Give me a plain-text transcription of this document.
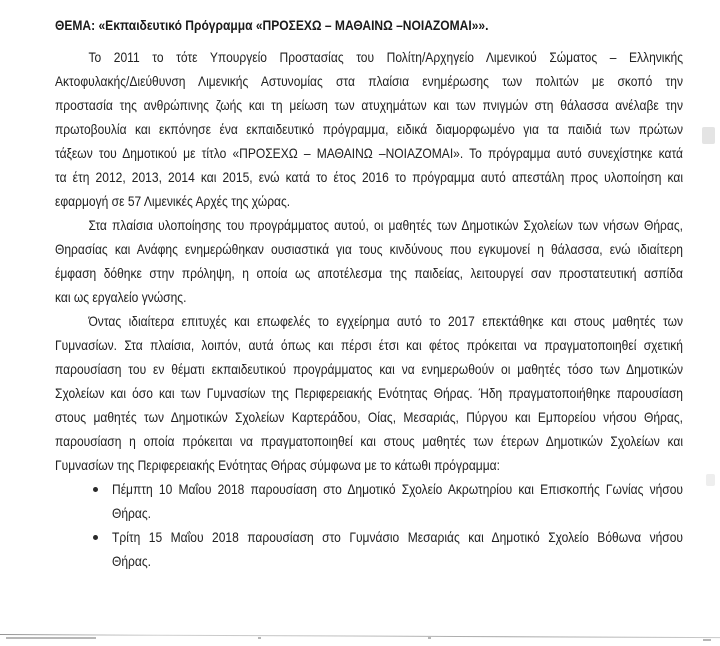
ΘΕΜΑ: «Εκπαιδευτικό Πρόγραμμα «ΠΡΟΣΕΧΩ – ΜΑΘΑΙΝΩ –ΝΟΙΑΖΟΜΑΙ»».
Το 2011 το τότε Υπουργείο Προστασίας του Πολίτη/Αρχηγείο Λιμενικού Σώματος – Ελληνικής
Ακτοφυλακής/Διεύθυνση Λιμενικής Αστυνομίας στα πλαίσια ενημέρωσης των πολιτών με σκοπό την
προστασία της ανθρώπινης ζωής και τη μείωση των ατυχημάτων και των πνιγμών στη θάλασσα ανέλαβε την
πρωτοβουλία και εκπόνησε ένα εκπαιδευτικό πρόγραμμα, ειδικά διαμορφωμένο για τα παιδιά των πρώτων
τάξεων του Δημοτικού με τίτλο «ΠΡΟΣΕΧΩ – ΜΑΘΑΙΝΩ –ΝΟΙΑΖΟΜΑΙ». Το πρόγραμμα αυτό συνεχίστηκε κατά
τα έτη 2012, 2013, 2014 και 2015, ενώ κατά το έτος 2016 το πρόγραμμα αυτό απεστάλη προς υλοποίηση και
εφαρμογή σε 57 Λιμενικές Αρχές της χώρας.
Στα πλαίσια υλοποίησης του προγράμματος αυτού, οι μαθητές των Δημοτικών Σχολείων των νήσων Θήρας,
Θηρασίας και Ανάφης ενημερώθηκαν ουσιαστικά για τους κινδύνους που εγκυμονεί η θάλασσα, ενώ ιδιαίτερη
έμφαση δόθηκε στην πρόληψη, η οποία ως αποτέλεσμα της παιδείας, λειτουργεί σαν προστατευτική ασπίδα
και ως εργαλείο γνώσης.
Όντας ιδιαίτερα επιτυχές και επωφελές το εγχείρημα αυτό το 2017 επεκτάθηκε και στους μαθητές των
Γυμνασίων. Στα πλαίσια, λοιπόν, αυτά όπως και πέρσι έτσι και φέτος πρόκειται να πραγματοποιηθεί σχετική
παρουσίαση του εν θέματι εκπαιδευτικού προγράμματος και να ενημερωθούν οι μαθητές τόσο των Δημοτικών
Σχολείων και όσο και των Γυμνασίων της Περιφερειακής Ενότητας Θήρας. Ήδη πραγματοποιήθηκε παρουσίαση
στους μαθητές των Δημοτικών Σχολείων Καρτεράδου, Οίας, Μεσαριάς, Πύργου και Εμπορείου νήσου Θήρας,
παρουσίαση η οποία πρόκειται να πραγματοποιηθεί και στους μαθητές των έτερων Δημοτικών Σχολείων και
Γυμνασίων της Περιφερειακής Ενότητας Θήρας σύμφωνα με το κάτωθι πρόγραμμα:
Πέμπτη 10 Μαΐου 2018 παρουσίαση στο Δημοτικό Σχολείο Ακρωτηρίου και Επισκοπής Γωνίας νήσου
Θήρας.
Τρίτη 15 Μαΐου 2018 παρουσίαση στο Γυμνάσιο Μεσαριάς και Δημοτικό Σχολείο Βόθωνα νήσου
Θήρας.
